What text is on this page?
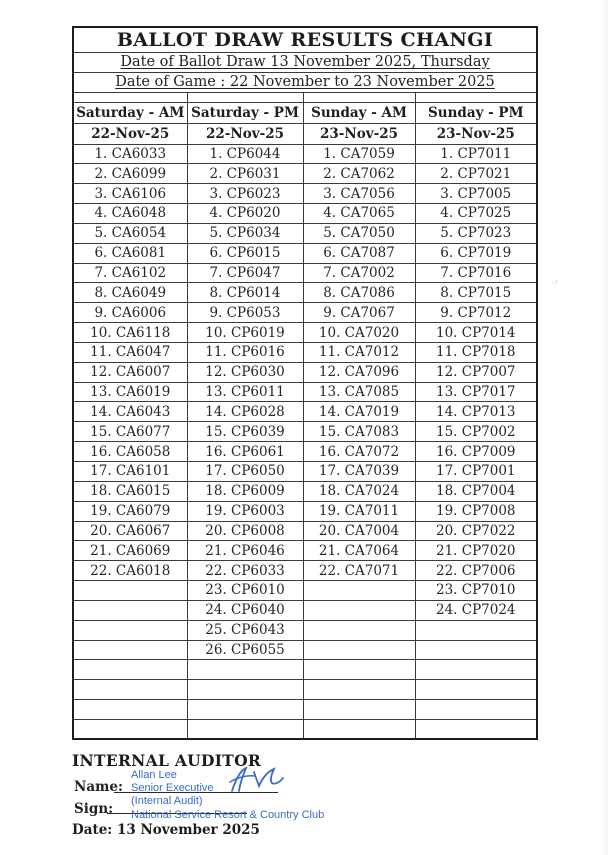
BALLOT DRAW RESULTS CHANGI			
Date of Ballot Draw 13 November 2025, Thursday			
Date of Game : 22 November to 23 November 2025			

Saturday - AM	Saturday - PM	Sunday - AM	Sunday - PM
22-Nov-25	22-Nov-25	23-Nov-25	23-Nov-25
1. CA6033	1. CP6044	1. CA7059	1. CP7011
2. CA6099	2. CP6031	2. CA7062	2. CP7021
3. CA6106	3. CP6023	3. CA7056	3. CP7005
4. CA6048	4. CP6020	4. CA7065	4. CP7025
5. CA6054	5. CP6034	5. CA7050	5. CP7023
6. CA6081	6. CP6015	6. CA7087	6. CP7019
7. CA6102	7. CP6047	7. CA7002	7. CP7016
8. CA6049	8. CP6014	8. CA7086	8. CP7015
9. CA6006	9. CP6053	9. CA7067	9. CP7012
10. CA6118	10. CP6019	10. CA7020	10. CP7014
11. CA6047	11. CP6016	11. CA7012	11. CP7018
12. CA6007	12. CP6030	12. CA7096	12. CP7007
13. CA6019	13. CP6011	13. CA7085	13. CP7017
14. CA6043	14. CP6028	14. CA7019	14. CP7013
15. CA6077	15. CP6039	15. CA7083	15. CP7002
16. CA6058	16. CP6061	16. CA7072	16. CP7009
17. CA6101	17. CP6050	17. CA7039	17. CP7001
18. CA6015	18. CP6009	18. CA7024	18. CP7004
19. CA6079	19. CP6003	19. CA7011	19. CP7008
20. CA6067	20. CP6008	20. CA7004	20. CP7022
21. CA6069	21. CP6046	21. CA7064	21. CP7020
22. CA6018	22. CP6033	22. CA7071	22. CP7006
	23. CP6010		23. CP7010
	24. CP6040		24. CP7024
	25. CP6043		
	26. CP6055		

INTERNAL AUDITOR
Name:
Sign:
Allan Lee
Senior Executive
(Internal Audit)
National Service Resort & Country Club
Date: 13 November 2025
·ʸ
